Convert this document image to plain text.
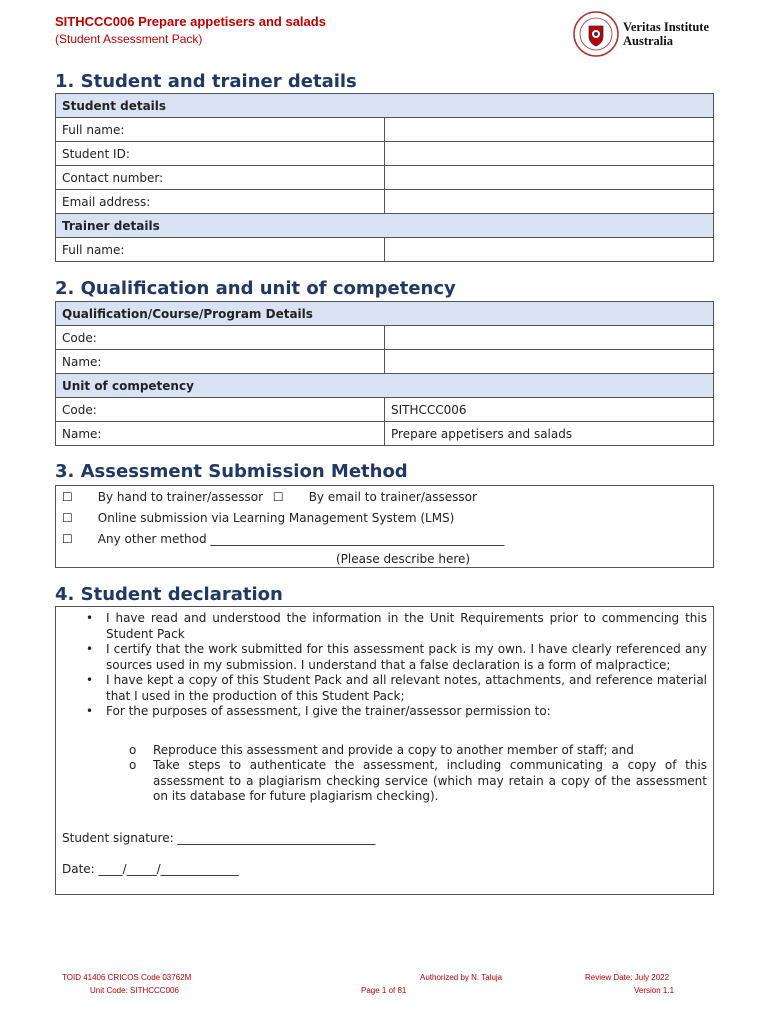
SITHCCC006 Prepare appetisers and salads
(Student Assessment Pack)
Veritas Institute
Australia
1. Student and trainer details
Student details	
Full name:	
Student ID:	
Contact number:	
Email address:	
Trainer details	
Full name:	
2. Qualification and unit of competency
Qualification/Course/Program Details	
Code:	
Name:	
Unit of competency	
Code:	SITHCCC006
Name:	Prepare appetisers and salads
3. Assessment Submission Method
☐ By hand to trainer/assessor ☐ By email to trainer/assessor
☐ Online submission via Learning Management System (LMS)
☐ Any other method _________________________________________________
(Please describe here)
4. Student declaration
• I have read and understood the information in the Unit Requirements prior to commencing this Student Pack
• I certify that the work submitted for this assessment pack is my own. I have clearly referenced any sources used in my submission. I understand that a false declaration is a form of malpractice;
• I have kept a copy of this Student Pack and all relevant notes, attachments, and reference material that I used in the production of this Student Pack;
• For the purposes of assessment, I give the trainer/assessor permission to:
o Reproduce this assessment and provide a copy to another member of staff; and
o Take steps to authenticate the assessment, including communicating a copy of this assessment to a plagiarism checking service (which may retain a copy of the assessment on its database for future plagiarism checking).
Student signature: _________________________________
Date: ____/_____/_____________
TOID 41406 CRICOS Code 03762M
Unit Code: SITHCCC006
Authorized by N. Taluja
Page 1 of 81
Review Date: July 2022
Version 1.1
